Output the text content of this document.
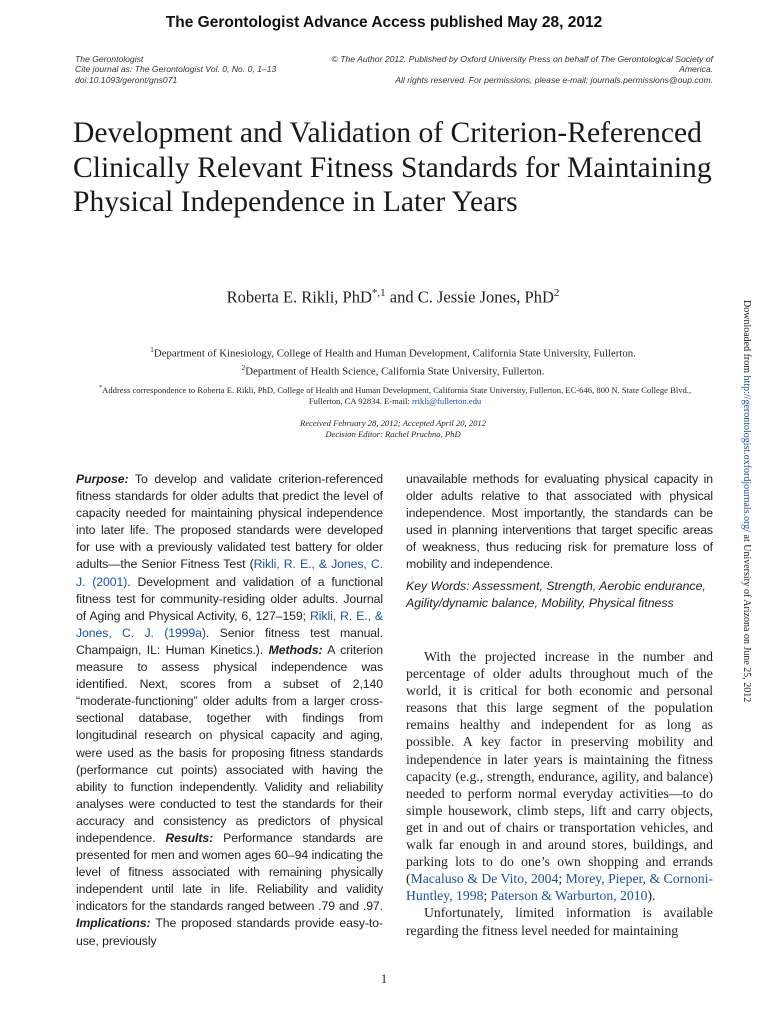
The Gerontologist Advance Access published May 28, 2012
The Gerontologist
Cite journal as: The Gerontologist Vol. 0, No. 0, 1–13
doi:10.1093/geront/gns071
© The Author 2012. Published by Oxford University Press on behalf of The Gerontological Society of America.
All rights reserved. For permissions, please e-mail: journals.permissions@oup.com.
Development and Validation of Criterion-Referenced Clinically Relevant Fitness Standards for Maintaining Physical Independence in Later Years
Roberta E. Rikli, PhD$^{*,1}$ and C. Jessie Jones, PhD$^2$
$^1$Department of Kinesiology, College of Health and Human Development, California State University, Fullerton.
$^2$Department of Health Science, California State University, Fullerton.
*Address correspondence to Roberta E. Rikli, PhD, College of Health and Human Development, California State University, Fullerton, EC-646, 800 N. State College Blvd., Fullerton, CA 92834. E-mail: rrikli@fullerton.edu
Received February 28, 2012; Accepted April 20, 2012
Decision Editor: Rachel Pruchno, PhD
Purpose: To develop and validate criterion-referenced fitness standards for older adults that predict the level of capacity needed for maintaining physical independence into later life. The proposed standards were developed for use with a previously validated test battery for older adults—the Senior Fitness Test (Rikli, R. E., & Jones, C. J. (2001). Development and validation of a functional fitness test for community-residing older adults. Journal of Aging and Physical Activity, 6, 127–159; Rikli, R. E., & Jones, C. J. (1999a). Senior fitness test manual. Champaign, IL: Human Kinetics.). Methods: A criterion measure to assess physical independence was identified. Next, scores from a subset of 2,140 “moderate-functioning” older adults from a larger cross-sectional database, together with findings from longitudinal research on physical capacity and aging, were used as the basis for proposing fitness standards (performance cut points) associated with having the ability to function independently. Validity and reliability analyses were conducted to test the standards for their accuracy and consistency as predictors of physical independence. Results: Performance standards are presented for men and women ages 60–94 indicating the level of fitness associated with remaining physically independent until late in life. Reliability and validity indicators for the standards ranged between .79 and .97. Implications: The proposed standards provide easy-to-use, previously
unavailable methods for evaluating physical capacity in older adults relative to that associated with physical independence. Most importantly, the standards can be used in planning interventions that target specific areas of weakness, thus reducing risk for premature loss of mobility and independence.
Key Words: Assessment, Strength, Aerobic endurance, Agility/dynamic balance, Mobility, Physical fitness

With the projected increase in the number and percentage of older adults throughout much of the world, it is critical for both economic and personal reasons that this large segment of the population remains healthy and independent for as long as possible. A key factor in preserving mobility and independence in later years is maintaining the fitness capacity (e.g., strength, endurance, agility, and balance) needed to perform normal everyday activities—to do simple housework, climb steps, lift and carry objects, get in and out of chairs or transportation vehicles, and walk far enough in and around stores, buildings, and parking lots to do one’s own shopping and errands (Macaluso & De Vito, 2004; Morey, Pieper, & Cornoni-Huntley, 1998; Paterson & Warburton, 2010).

Unfortunately, limited information is available regarding the fitness level needed for maintaining

1
Downloaded from http://gerontologist.oxfordjournals.org/ at University of Arizona on June 25, 2012
